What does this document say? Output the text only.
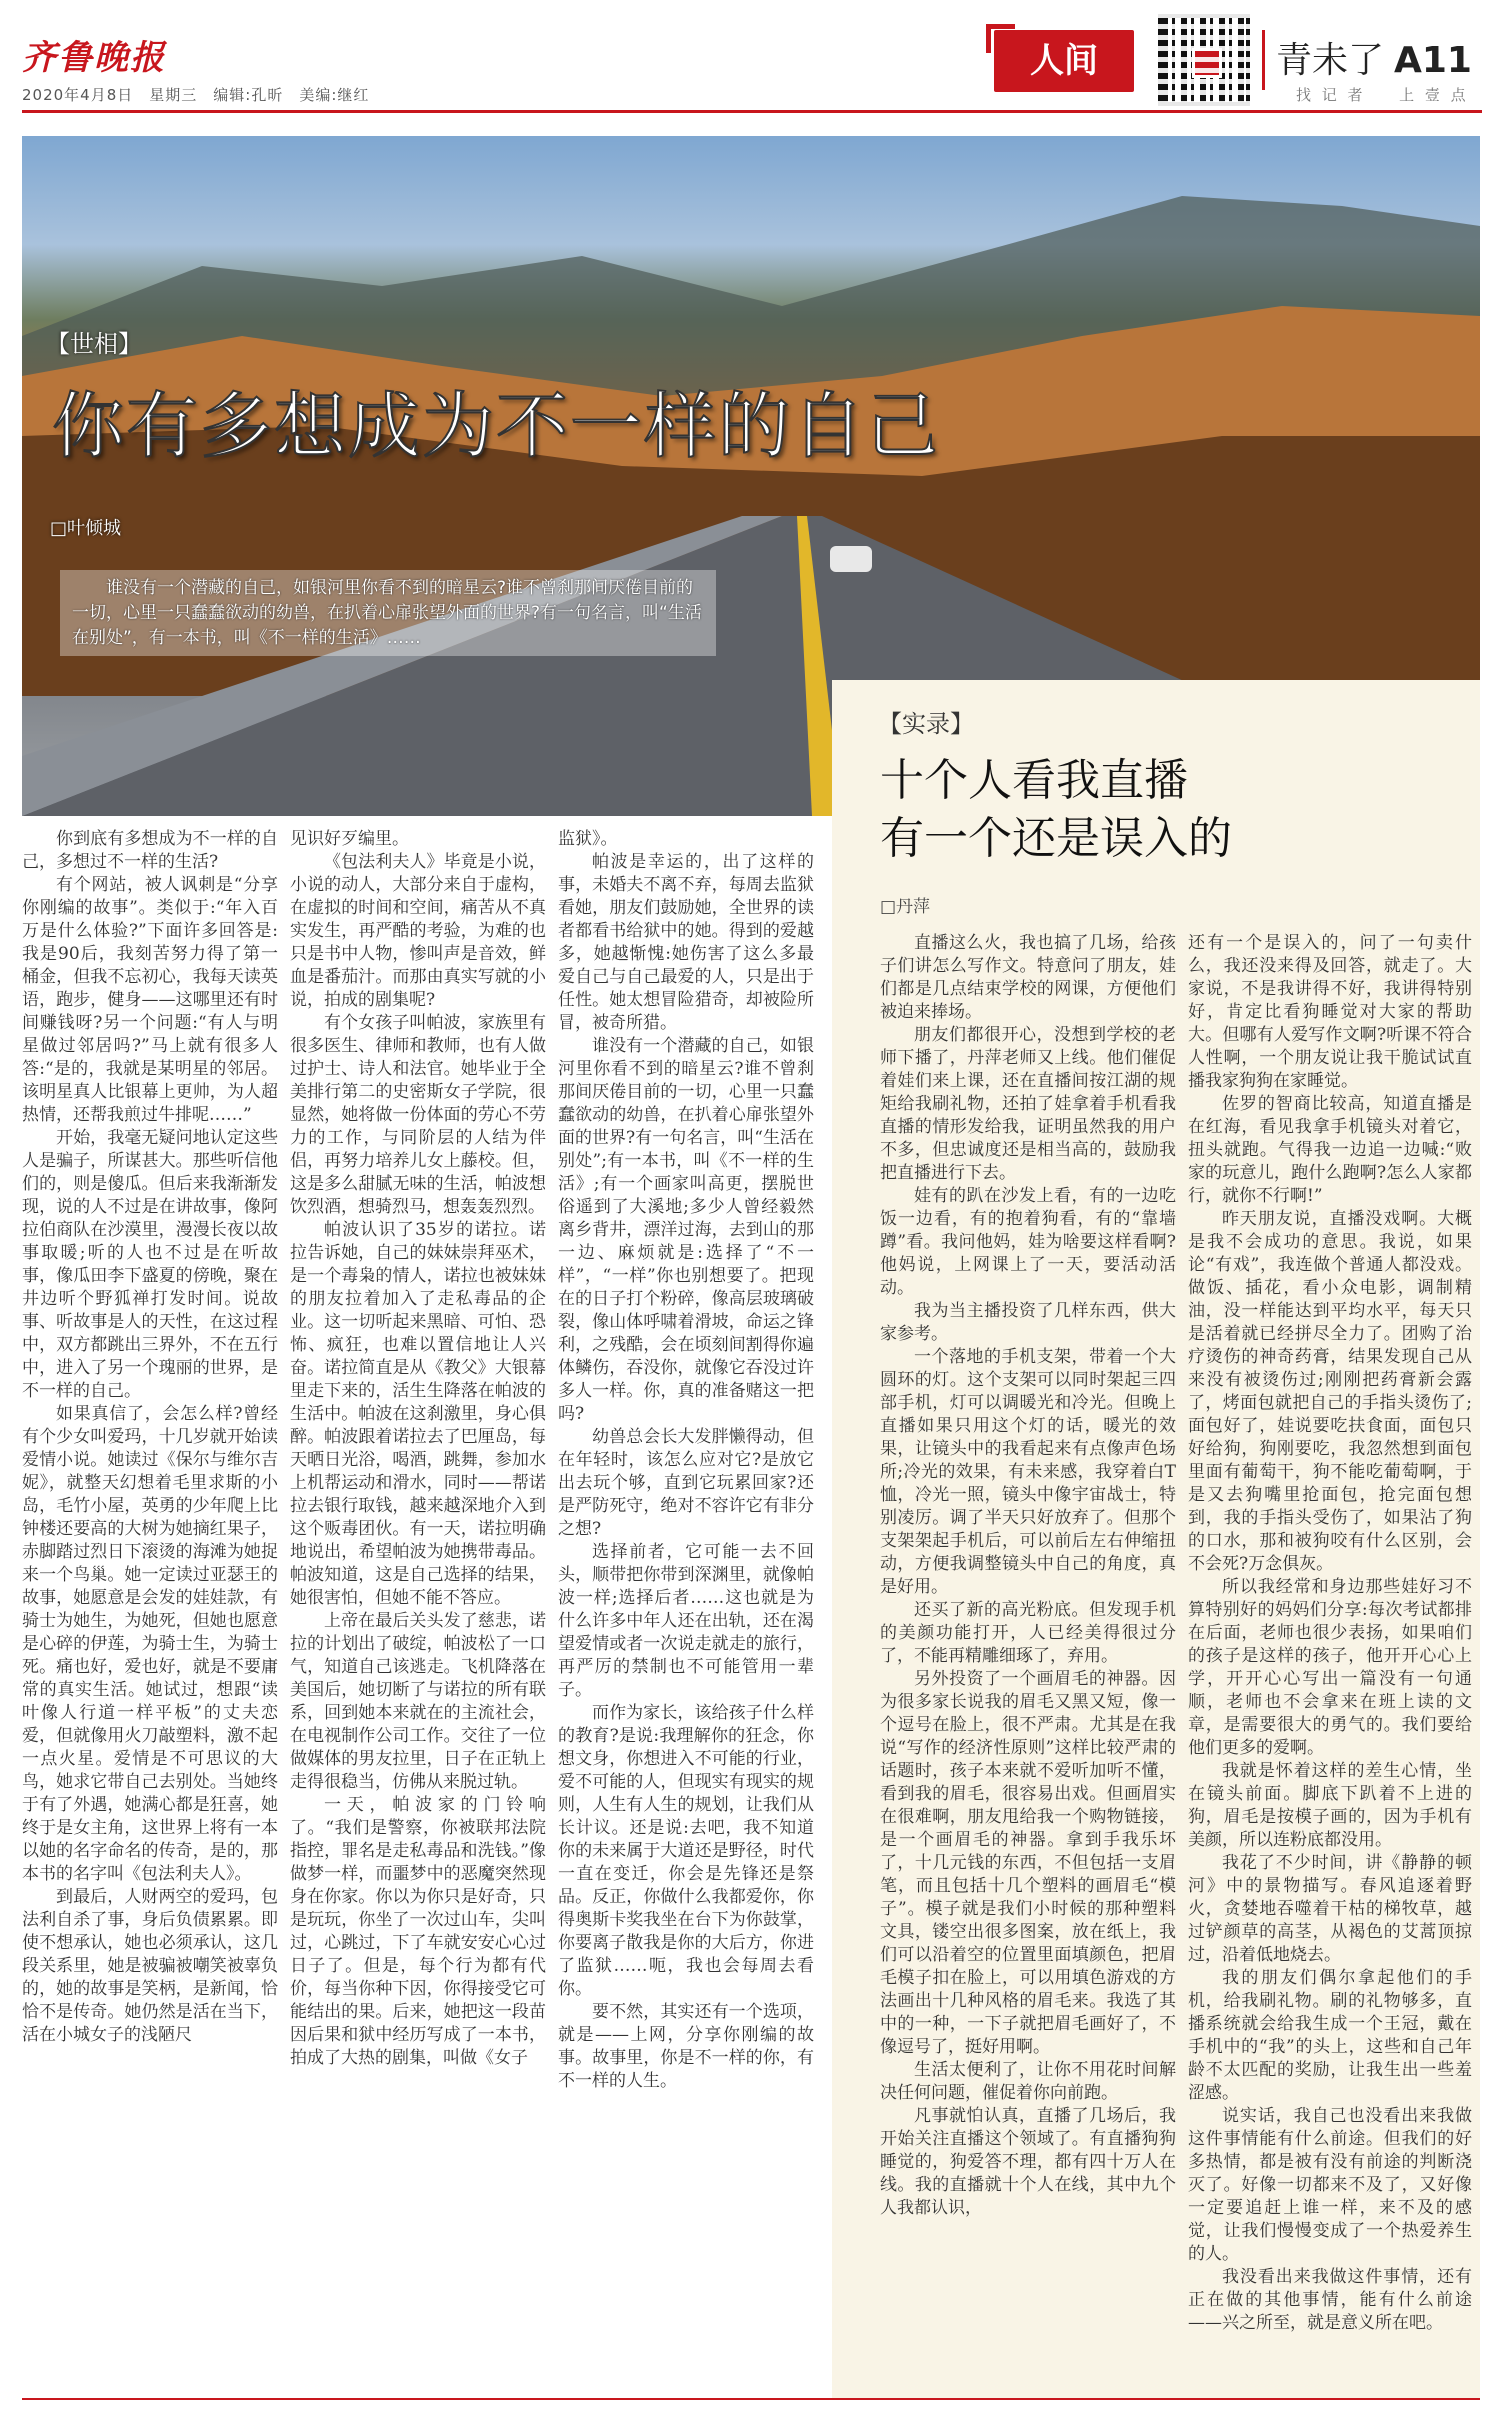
齐鲁晚报
2020年4月8日　星期三　编辑:孔昕　美编:继红
人间	青未了 A11
找 记 者 　 上 壹 点
【世相】
你有多想成为不一样的自己
□叶倾城
谁没有一个潜藏的自己，如银河里你看不到的暗星云?谁不曾刹那间厌倦目前的一切，心里一只蠢蠢欲动的幼兽，在扒着心扉张望外面的世界?有一句名言，叫“生活在别处”，有一本书，叫《不一样的生活》……

你到底有多想成为不一样的自己，多想过不一样的生活?

有个网站，被人讽刺是“分享你刚编的故事”。类似于:“年入百万是什么体验?”下面许多回答是:我是90后，我刻苦努力得了第一桶金，但我不忘初心，我每天读英语，跑步，健身——这哪里还有时间赚钱呀?另一个问题:“有人与明星做过邻居吗?”马上就有很多人答:“是的，我就是某明星的邻居。该明星真人比银幕上更帅，为人超热情，还帮我煎过牛排呢……”

开始，我毫无疑问地认定这些人是骗子，所谋甚大。那些听信他们的，则是傻瓜。但后来我渐渐发现，说的人不过是在讲故事，像阿拉伯商队在沙漠里，漫漫长夜以故事取暖;听的人也不过是在听故事，像瓜田李下盛夏的傍晚，聚在井边听个野狐禅打发时间。说故事、听故事是人的天性，在这过程中，双方都跳出三界外，不在五行中，进入了另一个瑰丽的世界，是不一样的自己。

如果真信了，会怎么样?曾经有个少女叫爱玛，十几岁就开始读爱情小说。她读过《保尔与维尔吉妮》，就整天幻想着毛里求斯的小岛，毛竹小屋，英勇的少年爬上比钟楼还要高的大树为她摘红果子，赤脚踏过烈日下滚烫的海滩为她捉来一个鸟巢。她一定读过亚瑟王的故事，她愿意是会发的娃娃款，有骑士为她生，为她死，但她也愿意是心碎的伊莲，为骑士生，为骑士死。痛也好，爱也好，就是不要庸常的真实生活。她试过，想跟“读叶像人行道一样平板”的丈夫恋爱，但就像用火刀敲塑料，激不起一点火星。爱情是不可思议的大鸟，她求它带自己去别处。当她终于有了外遇，她满心都是狂喜，她终于是女主角，这世界上将有一本以她的名字命名的传奇，是的，那本书的名字叫《包法利夫人》。

到最后，人财两空的爱玛，包法利自杀了事，身后负债累累。即使不想承认，她也必须承认，这几段关系里，她是被骗被嘲笑被辜负的，她的故事是笑柄，是新闻，恰恰不是传奇。她仍然是活在当下，活在小城女子的浅陋尺

见识好歹编里。

《包法利夫人》毕竟是小说，小说的动人，大部分来自于虚构，在虚拟的时间和空间，痛苦从不真实发生，再严酷的考验，为难的也只是书中人物，惨叫声是音效，鲜血是番茄汁。而那由真实写就的小说，拍成的剧集呢?

有个女孩子叫帕波，家族里有很多医生、律师和教师，也有人做过护士、诗人和法官。她毕业于全美排行第二的史密斯女子学院，很显然，她将做一份体面的劳心不劳力的工作，与同阶层的人结为伴侣，再努力培养儿女上藤校。但，这是多么甜腻无味的生活，帕波想饮烈酒，想骑烈马，想轰轰烈烈。

帕波认识了35岁的诺拉。诺拉告诉她，自己的妹妹崇拜巫术，是一个毒枭的情人，诺拉也被妹妹的朋友拉着加入了走私毒品的企业。这一切听起来黑暗、可怕、恐怖、疯狂，也难以置信地让人兴奋。诺拉简直是从《教父》大银幕里走下来的，活生生降落在帕波的生活中。帕波在这刹激里，身心俱醉。帕波跟着诺拉去了巴厘岛，每天晒日光浴，喝酒，跳舞，参加水上机帮运动和滑水，同时——帮诺拉去银行取钱，越来越深地介入到这个贩毒团伙。有一天，诺拉明确地说出，希望帕波为她携带毒品。帕波知道，这是自己选择的结果，她很害怕，但她不能不答应。

上帝在最后关头发了慈悲，诺拉的计划出了破绽，帕波松了一口气，知道自己该逃走。飞机降落在美国后，她切断了与诺拉的所有联系，回到她本来就在的主流社会，在电视制作公司工作。交往了一位做媒体的男友拉里，日子在正轨上走得很稳当，仿佛从来脱过轨。

一天，帕波家的门铃响了。“我们是警察，你被联邦法院指控，罪名是走私毒品和洗钱。”像做梦一样，而噩梦中的恶魔突然现身在你家。你以为你只是好奇，只是玩玩，你坐了一次过山车，尖叫过，心跳过，下了车就安安心心过日子了。但是，每个行为都有代价，每当你种下因，你得接受它可能结出的果。后来，她把这一段苗因后果和狱中经历写成了一本书，拍成了大热的剧集，叫做《女子

监狱》。

帕波是幸运的，出了这样的事，未婚夫不离不弃，每周去监狱看她，朋友们鼓励她，全世界的读者都看书给狱中的她。得到的爱越多，她越惭愧:她伤害了这么多最爱自己与自己最爱的人，只是出于任性。她太想冒险猎奇，却被险所冒，被奇所猎。

谁没有一个潜藏的自己，如银河里你看不到的暗星云?谁不曾刹那间厌倦目前的一切，心里一只蠢蠢欲动的幼兽，在扒着心扉张望外面的世界?有一句名言，叫“生活在别处”;有一本书，叫《不一样的生活》;有一个画家叫高更，摆脱世俗遥到了大溪地;多少人曾经毅然离乡背井，漂洋过海，去到山的那一边、麻烦就是:选择了“不一样”，“一样”你也别想要了。把现在的日子打个粉碎，像高层玻璃破裂，像山体呼啸着滑坡，命运之锋利，之残酷，会在顷刻间割得你遍体鳞伤，吞没你，就像它吞没过许多人一样。你，真的准备赌这一把吗?

幼兽总会长大发胖懒得动，但在年轻时，该怎么应对它?是放它出去玩个够，直到它玩累回家?还是严防死守，绝对不容许它有非分之想?

选择前者，它可能一去不回头，顺带把你带到深渊里，就像帕波一样;选择后者……这也就是为什么许多中年人还在出轨，还在渴望爱情或者一次说走就走的旅行，再严厉的禁制也不可能管用一辈子。

而作为家长，该给孩子什么样的教育?是说:我理解你的狂念，你想文身，你想进入不可能的行业，爱不可能的人，但现实有现实的规则，人生有人生的规划，让我们从长计议。还是说:去吧，我不知道你的未来属于大道还是野径，时代一直在变迁，你会是先锋还是祭品。反正，你做什么我都爱你，你得奥斯卡奖我坐在台下为你鼓掌，你要离子散我是你的大后方，你进了监狱……呃，我也会每周去看你。

要不然，其实还有一个选项，就是——上网，分享你刚编的故事。故事里，你是不一样的你，有不一样的人生。

【实录】
十个人看我直播
有一个还是误入的
□丹萍

直播这么火，我也搞了几场，给孩子们讲怎么写作文。特意问了朋友，娃们都是几点结束学校的网课，方便他们被迫来捧场。

朋友们都很开心，没想到学校的老师下播了，丹萍老师又上线。他们催促着娃们来上课，还在直播间按江湖的规矩给我刷礼物，还拍了娃拿着手机看我直播的情形发给我，证明虽然我的用户不多，但忠诚度还是相当高的，鼓励我把直播进行下去。

娃有的趴在沙发上看，有的一边吃饭一边看，有的抱着狗看，有的“靠墙蹲”看。我问他妈，娃为啥要这样看啊?他妈说，上网课上了一天，要活动活动。

我为当主播投资了几样东西，供大家参考。

一个落地的手机支架，带着一个大圆环的灯。这个支架可以同时架起三四部手机，灯可以调暖光和冷光。但晚上直播如果只用这个灯的话，暖光的效果，让镜头中的我看起来有点像声色场所;冷光的效果，有未来感，我穿着白T恤，冷光一照，镜头中像宇宙战士，特别凌厉。调了半天只好放弃了。但那个支架架起手机后，可以前后左右伸缩扭动，方便我调整镜头中自己的角度，真是好用。

还买了新的高光粉底。但发现手机的美颜功能打开，人已经美得很过分了，不能再精雕细琢了，弃用。

另外投资了一个画眉毛的神器。因为很多家长说我的眉毛又黑又短，像一个逗号在脸上，很不严肃。尤其是在我说“写作的经济性原则”这样比较严肃的话题时，孩子本来就不爱听加听不懂，看到我的眉毛，很容易出戏。但画眉实在很难啊，朋友甩给我一个购物链接，是一个画眉毛的神器。拿到手我乐坏了，十几元钱的东西，不但包括一支眉笔，而且包括十几个塑料的画眉毛“模子”。模子就是我们小时候的那种塑料文具，镂空出很多图案，放在纸上，我们可以沿着空的位置里面填颜色，把眉毛模子扣在脸上，可以用填色游戏的方法画出十几种风格的眉毛来。我选了其中的一种，一下子就把眉毛画好了，不像逗号了，挺好用啊。

生活太便利了，让你不用花时间解决任何问题，催促着你向前跑。

凡事就怕认真，直播了几场后，我开始关注直播这个领域了。有直播狗狗睡觉的，狗爱答不理，都有四十万人在线。我的直播就十个人在线，其中九个人我都认识，

还有一个是误入的，问了一句卖什么，我还没来得及回答，就走了。大家说，不是我讲得不好，我讲得特别好，肯定比看狗睡觉对大家的帮助大。但哪有人爱写作文啊?听课不符合人性啊，一个朋友说让我干脆试试直播我家狗狗在家睡觉。

佐罗的智商比较高，知道直播是在红海，看见我拿手机镜头对着它，扭头就跑。气得我一边追一边喊:“败家的玩意儿，跑什么跑啊?怎么人家都行，就你不行啊!”

昨天朋友说，直播没戏啊。大概是我不会成功的意思。我说，如果论“有戏”，我连做个普通人都没戏。做饭、插花，看小众电影，调制精油，没一样能达到平均水平，每天只是活着就已经拼尽全力了。团购了治疗烫伤的神奇药膏，结果发现自己从来没有被烫伤过;刚刚把药膏新会露了，烤面包就把自己的手指头烫伤了;面包好了，娃说要吃扶食面，面包只好给狗，狗刚要吃，我忽然想到面包里面有葡萄干，狗不能吃葡萄啊，于是又去狗嘴里抢面包，抢完面包想到，我的手指头受伤了，如果沾了狗的口水，那和被狗咬有什么区别，会不会死?万念俱灰。

所以我经常和身边那些娃好习不算特别好的妈妈们分享:每次考试都排在后面，老师也很少表扬，如果咱们的孩子是这样的孩子，他开开心心上学，开开心心写出一篇没有一句通顺，老师也不会拿来在班上读的文章，是需要很大的勇气的。我们要给他们更多的爱啊。

我就是怀着这样的差生心情，坐在镜头前面。脚底下趴着不上进的狗，眉毛是按模子画的，因为手机有美颜，所以连粉底都没用。

我花了不少时间，讲《静静的顿河》中的景物描写。春风追逐着野火，贪婪地吞噬着干枯的梯牧草，越过铲颜草的高茎，从褐色的艾蒿顶掠过，沿着低地烧去。

我的朋友们偶尔拿起他们的手机，给我刷礼物。刷的礼物够多，直播系统就会给我生成一个王冠，戴在手机中的“我”的头上，这些和自己年龄不太匹配的奖励，让我生出一些羞涩感。

说实话，我自己也没看出来我做这件事情能有什么前途。但我们的好多热情，都是被有没有前途的判断浇灭了。好像一切都来不及了，又好像一定要追赶上谁一样，来不及的感觉，让我们慢慢变成了一个热爱养生的人。

我没看出来我做这件事情，还有正在做的其他事情，能有什么前途——兴之所至，就是意义所在吧。
